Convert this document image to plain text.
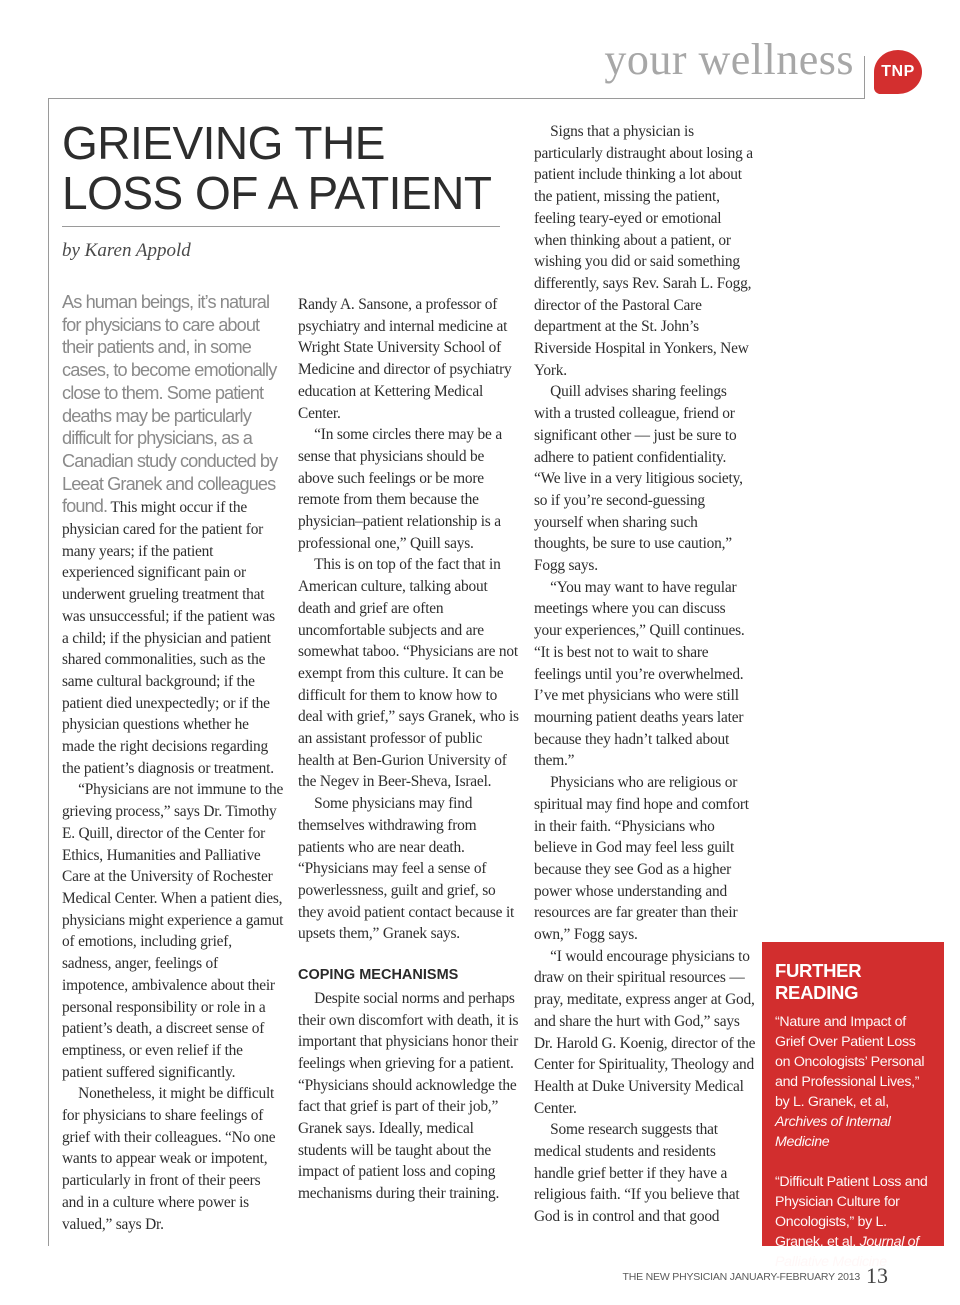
your wellness	TNP
GRIEVING THE LOSS OF A PATIENT
by Karen Appold

As human beings, it’s natural for physicians to care about their patients and, in some cases, to become emotionally close to them. Some patient deaths may be particularly difficult for physicians, as a Canadian study conducted by Leeat Granek and colleagues found. This might occur if the physician cared for the patient for many years; if the patient experienced significant pain or underwent grueling treatment that was unsuccessful; if the patient was a child; if the physician and patient shared commonalities, such as the same cultural background; if the patient died unexpectedly; or if the physician questions whether he made the right decisions regarding the patient’s diagnosis or treatment.

“Physicians are not immune to the grieving process,” says Dr. Timothy E. Quill, director of the Center for Ethics, Humanities and Palliative Care at the University of Rochester Medical Center. When a patient dies, physicians might experience a gamut of emotions, including grief, sadness, anger, feelings of impotence, ambivalence about their personal responsibility or role in a patient’s death, a discreet sense of emptiness, or even relief if the patient suffered significantly.

Nonetheless, it might be difficult for physicians to share feelings of grief with their colleagues. “No one wants to appear weak or impotent, particularly in front of their peers and in a culture where power is valued,” says Dr.

Randy A. Sansone, a professor of psychiatry and internal medicine at Wright State University School of Medicine and director of psychiatry education at Kettering Medical Center.

“In some circles there may be a sense that physicians should be above such feelings or be more remote from them because the physician–patient relationship is a professional one,” Quill says.

This is on top of the fact that in American culture, talking about death and grief are often uncomfortable subjects and are somewhat taboo. “Physicians are not exempt from this culture. It can be difficult for them to know how to deal with grief,” says Granek, who is an assistant professor of public health at Ben-Gurion University of the Negev in Beer-Sheva, Israel.

Some physicians may find themselves withdrawing from patients who are near death. “Physicians may feel a sense of powerlessness, guilt and grief, so they avoid patient contact because it upsets them,” Granek says.

COPING MECHANISMS

Despite social norms and perhaps their own discomfort with death, it is important that physicians honor their feelings when grieving for a patient. “Physicians should acknowledge the fact that grief is part of their job,” Granek says. Ideally, medical students will be taught about the impact of patient loss and coping mechanisms during their training.

Signs that a physician is particularly distraught about losing a patient include thinking a lot about the patient, missing the patient, feeling teary-eyed or emotional when thinking about a patient, or wishing you did or said something differently, says Rev. Sarah L. Fogg, director of the Pastoral Care department at the St. John’s Riverside Hospital in Yonkers, New York.

Quill advises sharing feelings with a trusted colleague, friend or significant other — just be sure to adhere to patient confidentiality. “We live in a very litigious society, so if you’re second-guessing yourself when sharing such thoughts, be sure to use caution,” Fogg says.

“You may want to have regular meetings where you can discuss your experiences,” Quill continues. “It is best not to wait to share feelings until you’re overwhelmed. I’ve met physicians who were still mourning patient deaths years later because they hadn’t talked about them.”

Physicians who are religious or spiritual may find hope and comfort in their faith. “Physicians who believe in God may feel less guilt because they see God as a higher power whose understanding and resources are far greater than their own,” Fogg says.

“I would encourage physicians to draw on their spiritual resources — pray, meditate, express anger at God, and share the hurt with God,” says Dr. Harold G. Koenig, director of the Center for Spirituality, Theology and Health at Duke University Medical Center.

Some research suggests that medical students and residents handle grief better if they have a religious faith. “If you believe that God is in control and that good

FURTHER READING

“Nature and Impact of Grief Over Patient Loss on Oncologists’ Personal and Professional Lives,” by L. Granek, et al, Archives of Internal Medicine

“Difficult Patient Loss and Physician Culture for Oncologists,” by L. Granek, et al, Journal of Palliative Medicine

THE NEW PHYSICIAN JANUARY-FEBRUARY 2013 13
